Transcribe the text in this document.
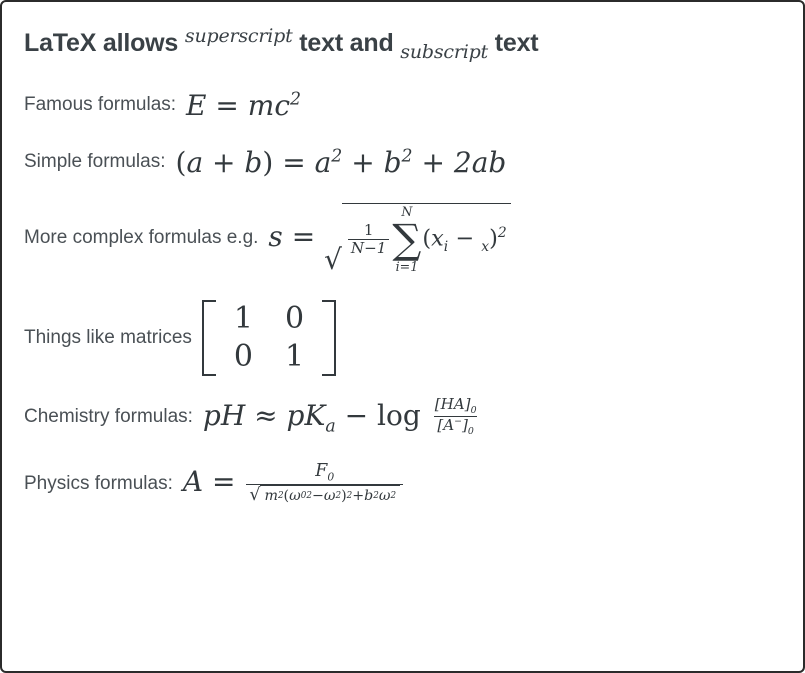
LaTeX allows $^{superscript}$ text and $_{subscript}$ text
Famous formulas: $E = mc^2$
Simple formulas: $(a + b) = a^2 + b^2 + 2ab$
More complex formulas e.g. s =
√
$\frac{1}{N-1}$
N
∑
i=1
$(x_i - _x)^2$
Things like matrices
1	0
0	1
Chemistry formulas: pH ≈ $pK_a - \log \frac{[HA]_0}{[A^-]_0}$
Physics formulas: $A = \frac{F_0}{√ m 2 ( \omega 0 2 - \omega 2 ) 2 + b 2 \omega 2}$
